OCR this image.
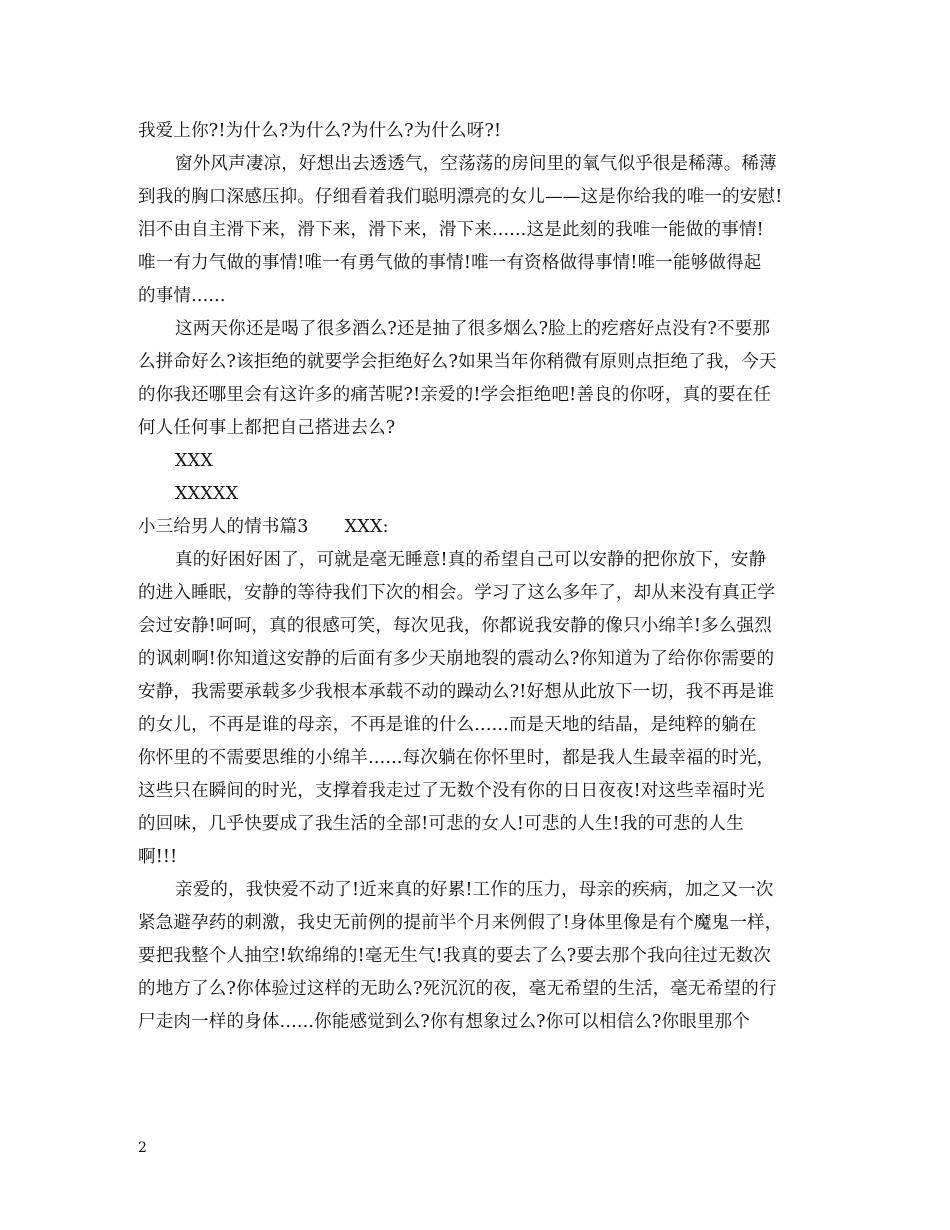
我爱上你?!为什么?为什么?为什么?为什么呀?!
窗外风声凄凉，好想出去透透气，空荡荡的房间里的氧气似乎很是稀薄。稀薄
到我的胸口深感压抑。仔细看着我们聪明漂亮的女儿——这是你给我的唯一的安慰!
泪不由自主滑下来，滑下来，滑下来，滑下来......这是此刻的我唯一能做的事情!
唯一有力气做的事情!唯一有勇气做的事情!唯一有资格做得事情!唯一能够做得起
的事情......
这两天你还是喝了很多酒么?还是抽了很多烟么?脸上的疙瘩好点没有?不要那
么拼命好么?该拒绝的就要学会拒绝好么?如果当年你稍微有原则点拒绝了我，今天
的你我还哪里会有这许多的痛苦呢?!亲爱的!学会拒绝吧!善良的你呀，真的要在任
何人任何事上都把自己搭进去么?
XXX
XXXXX
小三给男人的情书篇3 XXX:
真的好困好困了，可就是毫无睡意!真的希望自己可以安静的把你放下，安静
的进入睡眠，安静的等待我们下次的相会。学习了这么多年了，却从来没有真正学
会过安静!呵呵，真的很感可笑，每次见我，你都说我安静的像只小绵羊!多么强烈
的讽刺啊!你知道这安静的后面有多少天崩地裂的震动么?你知道为了给你你需要的
安静，我需要承载多少我根本承载不动的躁动么?!好想从此放下一切，我不再是谁
的女儿，不再是谁的母亲，不再是谁的什么......而是天地的结晶，是纯粹的躺在
你怀里的不需要思维的小绵羊......每次躺在你怀里时，都是我人生最幸福的时光，
这些只在瞬间的时光，支撑着我走过了无数个没有你的日日夜夜!对这些幸福时光
的回味，几乎快要成了我生活的全部!可悲的女人!可悲的人生!我的可悲的人生
啊!!!
亲爱的，我快爱不动了!近来真的好累!工作的压力，母亲的疾病，加之又一次
紧急避孕药的刺激，我史无前例的提前半个月来例假了!身体里像是有个魔鬼一样，
要把我整个人抽空!软绵绵的!毫无生气!我真的要去了么?要去那个我向往过无数次
的地方了么?你体验过这样的无助么?死沉沉的夜，毫无希望的生活，毫无希望的行
尸走肉一样的身体......你能感觉到么?你有想象过么?你可以相信么?你眼里那个
2
